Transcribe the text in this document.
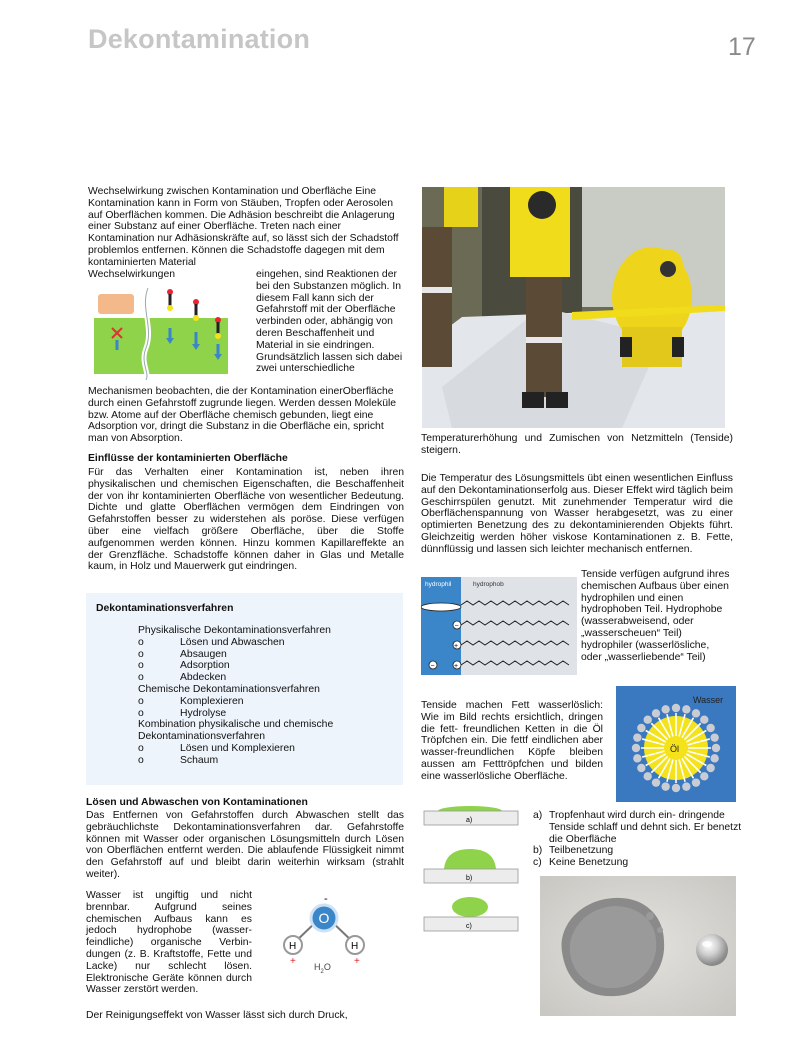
Dekontamination	17

Wechselwirkung zwischen Kontamination und Oberfläche Eine Kontamination kann in Form von Stäuben, Tropfen oder Aerosolen auf Oberflächen kommen. Die Adhäsion beschreibt die Anlagerung einer Substanz auf einer Oberfläche. Treten nach einer Kontamination nur Adhäsionskräfte auf, so lässt sich der Schadstoff problemlos entfernen. Können die Schadstoffe dagegen mit dem kontaminierten Material

Wechselwirkungen	eingehen, sind Reaktionen der bei den Substanzen möglich. In diesem Fall kann sich der Gefahrstoff mit der Oberfläche verbinden oder, abhängig von deren Beschaffenheit und Material in sie eindringen. Grundsätzlich lassen sich dabei zwei unterschiedliche

Mechanismen beobachten, die der Kontamination einerOberfläche durch einen Gefahrstoff zugrunde liegen. Werden dessen Moleküle bzw. Atome auf der Oberfläche chemisch gebunden, liegt eine Adsorption vor, dringt die Substanz in die Oberfläche ein, spricht man von Absorption.

Einflüsse der kontaminierten Oberfläche

Für das Verhalten einer Kontamination ist, neben ihren physikalischen und chemischen Eigenschaften, die Beschaffenheit der von ihr kontaminierten Oberfläche von wesentlicher Bedeutung. Dichte und glatte Oberflächen vermögen dem Eindringen von Gefahrstoffen besser zu widerstehen als poröse. Diese verfügen über eine vielfach größere Oberfläche, über die Stoffe aufgenommen werden können. Hinzu kommen Kapillareffekte an der Grenzfläche. Schadstoffe können daher in Glas und Metalle kaum, in Holz und Mauerwerk gut eindringen.

Dekontaminationsverfahren
Physikalische Dekontaminationsverfahren
o	Lösen und Abwaschen
o	Absaugen
o	Adsorption
o	Abdecken
Chemische Dekontaminationsverfahren
o	Komplexieren
o	Hydrolyse
Kombination physikalische und chemische Dekontaminationsverfahren
o	Lösen und Komplexieren
o	Schaum

Lösen und Abwaschen von Kontaminationen

Das Entfernen von Gefahrstoffen durch Abwaschen stellt das gebräuchlichste Dekontaminationsverfahren dar. Gefahrstoffe können mit Wasser oder organischen Lösungsmitteln durch Lösen von Oberflächen entfernt werden. Die ablaufende Flüssigkeit nimmt den Gefahrstoff auf und bleibt darin weiterhin wirksam (strahlt weiter).

Wasser ist ungiftig und nicht brennbar. Aufgrund seines chemischen Aufbaus kann es jedoch hydrophobe (wasser-feindliche) organische Verbin-dungen (z. B. Kraftstoffe, Fette und Lacke) nur schlecht lösen. Elektronische Geräte können durch Wasser zerstört werden.

-
O
H	H
+	+
$H_2O$

Der Reinigungseffekt von Wasser lässt sich durch Druck,

Temperaturerhöhung und Zumischen von Netzmitteln (Tenside) steigern.

Die Temperatur des Lösungsmittels übt einen wesentlichen Einfluss auf den Dekontaminationserfolg aus. Dieser Effekt wird täglich beim Geschirrspülen genutzt. Mit zunehmender Temperatur wird die Oberflächenspannung von Wasser herabgesetzt, was zu einer optimierten Benetzung des zu dekontaminierenden Objekts führt. Gleichzeitig werden höher viskose Kontaminationen z. B. Fette, dünnflüssig und lassen sich leichter mechanisch entfernen.

hydrophil	hydrophob
−
+
−	+

Tenside verfügen aufgrund ihres chemischen Aufbaus über einen hydrophilen und einen hydrophoben Teil. Hydrophobe (wasserabweisend, oder „wasserscheuen“ Teil) hydrophiler (wasserlösliche, oder „wasserliebende“ Teil)

Tenside machen Fett wasserlöslich: Wie im Bild rechts ersichtlich, dringen die fett- freundlichen Ketten in die Öl Tröpfchen ein. Die fettf eindlichen aber wasser-freundlichen Köpfe bleiben aussen am Fetttröpfchen und bilden eine wasserlösliche Oberfläche.

Wasser
Öl
a)
b)
c)
a) Tropfenhaut wird durch ein- dringende Tenside schlaff und dehnt sich. Er benetzt die Oberfläche
b) Teilbenetzung
c) Keine Benetzung
